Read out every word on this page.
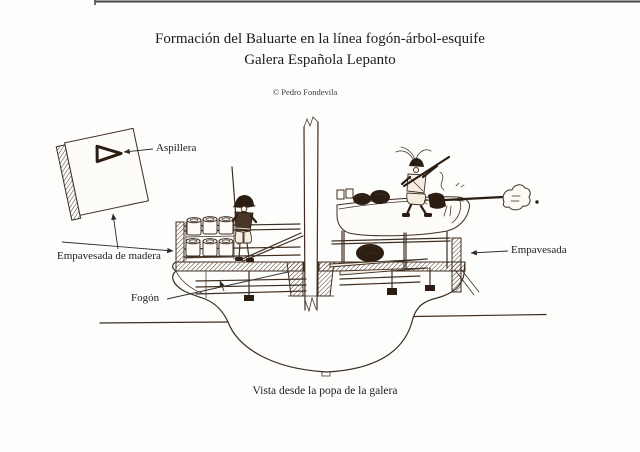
Formación del Baluarte en la línea fogón-árbol-esquife
Galera Española Lepanto
© Pedro Fondevila
Aspillera
Empavesada de madera
Fogón
Empavesada
Vista desde la popa de la galera
